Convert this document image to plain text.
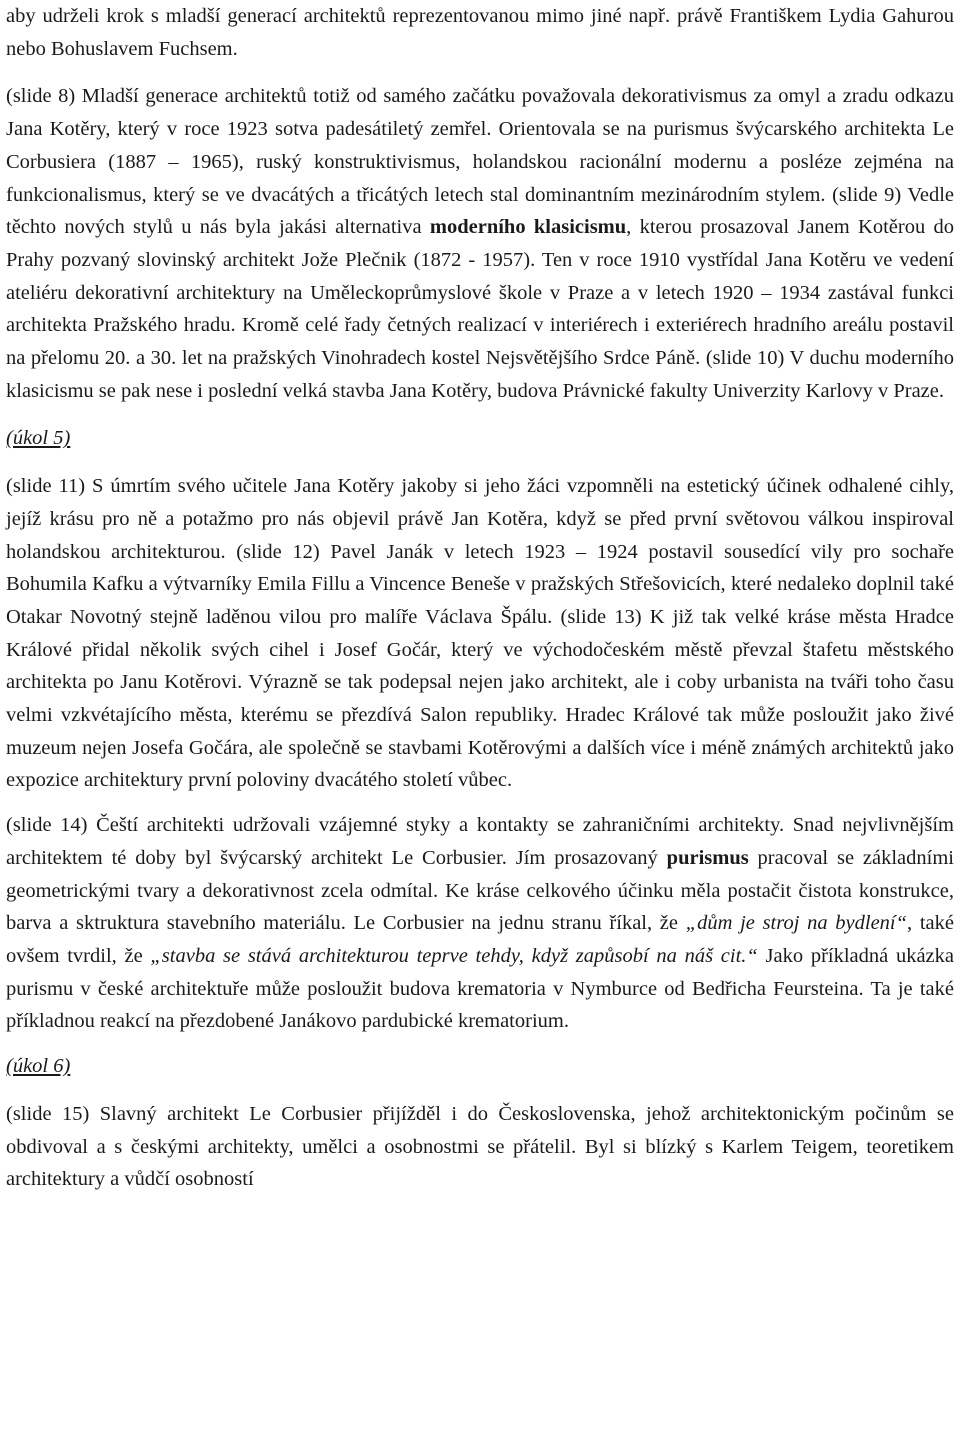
aby udrželi krok s mladší generací architektů reprezentovanou mimo jiné např. právě Františkem Lydia Gahurou nebo Bohuslavem Fuchsem.

(slide 8) Mladší generace architektů totiž od samého začátku považovala dekorativismus za omyl a zradu odkazu Jana Kotěry, který v roce 1923 sotva padesátiletý zemřel. Orientovala se na purismus švýcarského architekta Le Corbusiera (1887 – 1965), ruský konstruktivismus, holandskou racionální modernu a posléze zejména na funkcionalismus, který se ve dvacátých a třicátých letech stal dominantním mezinárodním stylem. (slide 9) Vedle těchto nových stylů u nás byla jakási alternativa moderního klasicismu, kterou prosazoval Janem Kotěrou do Prahy pozvaný slovinský architekt Jože Plečnik (1872 - 1957). Ten v roce 1910 vystřídal Jana Kotěru ve vedení ateliéru dekorativní architektury na Uměleckoprůmyslové škole v Praze a v letech 1920 – 1934 zastával funkci architekta Pražského hradu. Kromě celé řady četných realizací v interiérech i exteriérech hradního areálu postavil na přelomu 20. a 30. let na pražských Vinohradech kostel Nejsvětějšího Srdce Páně. (slide 10) V duchu moderního klasicismu se pak nese i poslední velká stavba Jana Kotěry, budova Právnické fakulty Univerzity Karlovy v Praze.

(úkol 5)

(slide 11) S úmrtím svého učitele Jana Kotěry jakoby si jeho žáci vzpomněli na estetický účinek odhalené cihly, jejíž krásu pro ně a potažmo pro nás objevil právě Jan Kotěra, když se před první světovou válkou inspiroval holandskou architekturou. (slide 12) Pavel Janák v letech 1923 – 1924 postavil sousedící vily pro sochaře Bohumila Kafku a výtvarníky Emila Fillu a Vincence Beneše v pražských Střešovicích, které nedaleko doplnil také Otakar Novotný stejně laděnou vilou pro malíře Václava Špálu. (slide 13) K již tak velké kráse města Hradce Králové přidal několik svých cihel i Josef Gočár, který ve východočeském městě převzal štafetu městského architekta po Janu Kotěrovi. Výrazně se tak podepsal nejen jako architekt, ale i coby urbanista na tváři toho času velmi vzkvétajícího města, kterému se přezdívá Salon republiky. Hradec Králové tak může posloužit jako živé muzeum nejen Josefa Gočára, ale společně se stavbami Kotěrovými a dalších více i méně známých architektů jako expozice architektury první poloviny dvacátého století vůbec.

(slide 14) Čeští architekti udržovali vzájemné styky a kontakty se zahraničními architekty. Snad nejvlivnějším architektem té doby byl švýcarský architekt Le Corbusier. Jím prosazovaný purismus pracoval se základními geometrickými tvary a dekorativnost zcela odmítal. Ke kráse celkového účinku měla postačit čistota konstrukce, barva a sktruktura stavebního materiálu. Le Corbusier na jednu stranu říkal, že „dům je stroj na bydlení“, také ovšem tvrdil, že „stavba se stává architekturou teprve tehdy, když zapůsobí na náš cit.“ Jako příkladná ukázka purismu v české architektuře může posloužit budova krematoria v Nymburce od Bedřicha Feursteina. Ta je také příkladnou reakcí na přezdobené Janákovo pardubické krematorium.

(úkol 6)

(slide 15) Slavný architekt Le Corbusier přijížděl i do Československa, jehož architektonickým počinům se obdivoval a s českými architekty, umělci a osobnostmi se přátelil. Byl si blízký s Karlem Teigem, teoretikem architektury a vůdčí osobností
